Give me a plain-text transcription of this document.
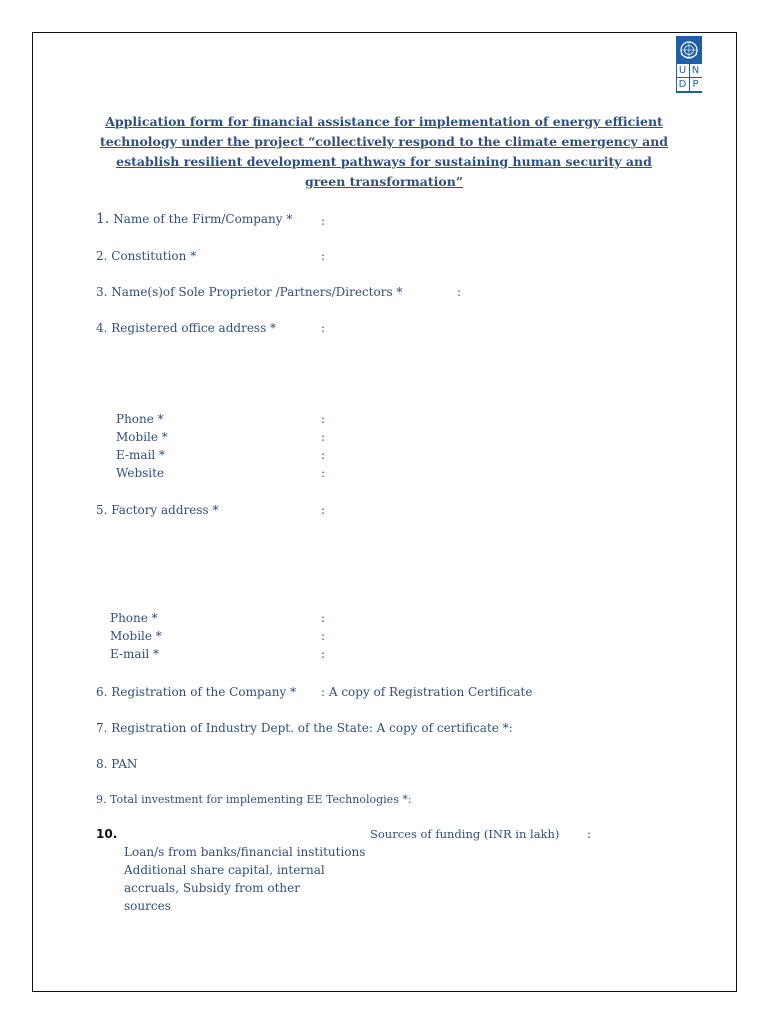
U N
D P
Application form for financial assistance for implementation of energy efficient technology under the project “collectively respond to the climate emergency and establish resilient development pathways for sustaining human security and green transformation”
1. Name of the Firm/Company * :
2. Constitution *	:
3. Name(s)of Sole Proprietor /Partners/Directors *	:
4. Registered office address *	:
Phone *	:
Mobile *	:
E-mail *	:
Website	:
5. Factory address *	:
Phone *	:
Mobile *	:
E-mail *	:
6. Registration of the Company * : A copy of Registration Certificate
7. Registration of Industry Dept. of the State: A copy of certificate *:
8. PAN
9. Total investment for implementing EE Technologies *:
10.	Sources of funding (INR in lakh) :
Loan/s from banks/financial institutions
Additional share capital, internal
accruals, Subsidy from other
sources
